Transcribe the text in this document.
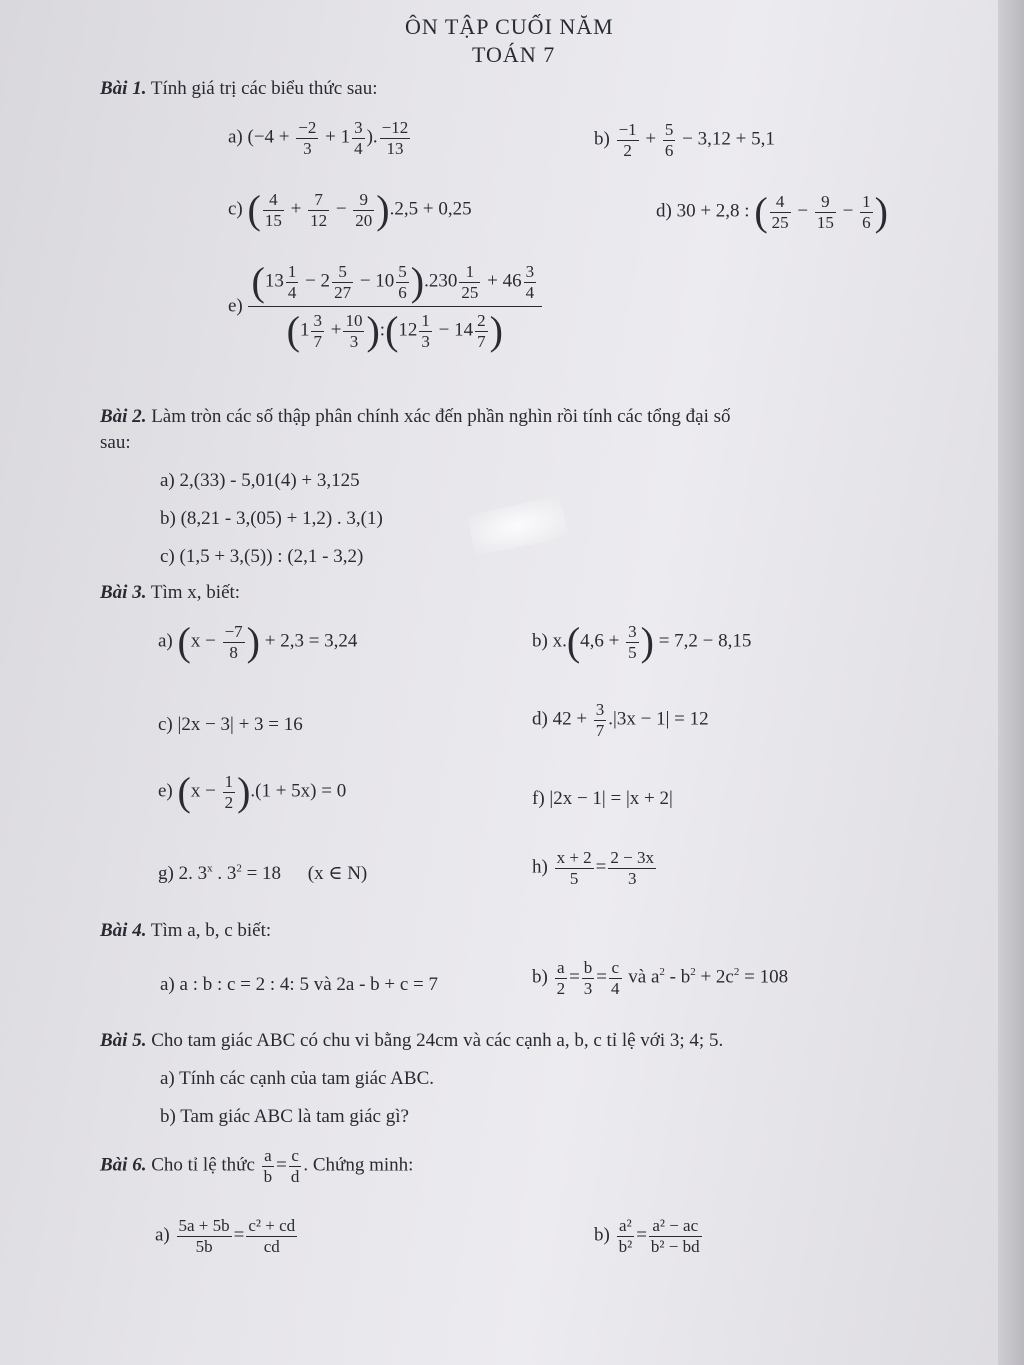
ÔN TẬP CUỐI NĂM
TOÁN 7
Bài 1. Tính giá trị các biểu thức sau:
a) ($-4 + \frac{-2}{3} + 1 \frac{3}{4}$ ). $\frac{-12}{13}$	$b) \frac{-1}{2} + \frac{5}{6} - 3,12 + 5,1$
c) ( $\frac{4}{15} + \frac{7}{12} - \frac{9}{20} ).2,5 + 0,25$	d) 30 + 2,8 : ( $\frac{4}{25} - \frac{9}{15} - \frac{1}{6}$ )
$e) \frac{(13 \frac{1}{4} - 2 \frac{5}{27} - 10 \frac{5}{6} ).230 \frac{1}{25} + 46 \frac{3}{4}}{(1 \frac{3}{7} + \frac{10}{3} ):(12 \frac{1}{3} - 14 \frac{2}{7} )}$
Bài 2. Làm tròn các số thập phân chính xác đến phần nghìn rồi tính các tổng đại số
sau:
a) 2,(33) - 5,01(4) + 3,125
b) (8,21 - 3,(05) + 1,2) . 3,(1)
c) (1,5 + 3,(5)) : (2,1 - 3,2)
Bài 3. Tìm x, biết:
a) ($x - \frac{-7}{8}$ ) + 2,3 = 3,24	b) $x.(4,6 + \frac{3}{5}$ ) = 7,2 − 8,15
c) |2x − 3| + 3 = 16	d) $42 + \frac{3}{7} .|3x - 1| = 12$
e) $(x - \frac{1}{2} ).(1 + 5x) = 0$	f) |2x − 1| = |x + 2|
g) 2. 3$^x$ . $3^2 = 18$ (x ∈ N)	$h) \frac{x + 2}{5} = \frac{2 - 3x}{3}$
Bài 4. Tìm a, b, c biết:
a) a : b : c = 2 : 4: 5 và 2a - b + c = 7	$b) \frac{a}{2} = \frac{b}{3} = \frac{c}{4}$ và $a^2 - b^2 + 2c^2 = 108$
Bài 5. Cho tam giác ABC có chu vi bằng 24cm và các cạnh a, b, c tỉ lệ với 3; 4; 5.
a) Tính các cạnh của tam giác ABC.
b) Tam giác ABC là tam giác gì?
Bài 6. Cho tỉ lệ thức $\frac{a}{b} = \frac{c}{d}$ . Chứng minh:
$a) \frac{5a + 5b}{5b} = \frac{\text{c² + cd}}{cd}$	$b) \frac{\text{a²}}{\text{b²}} = \frac{\text{a² − ac}}{\text{b² − bd}}$
